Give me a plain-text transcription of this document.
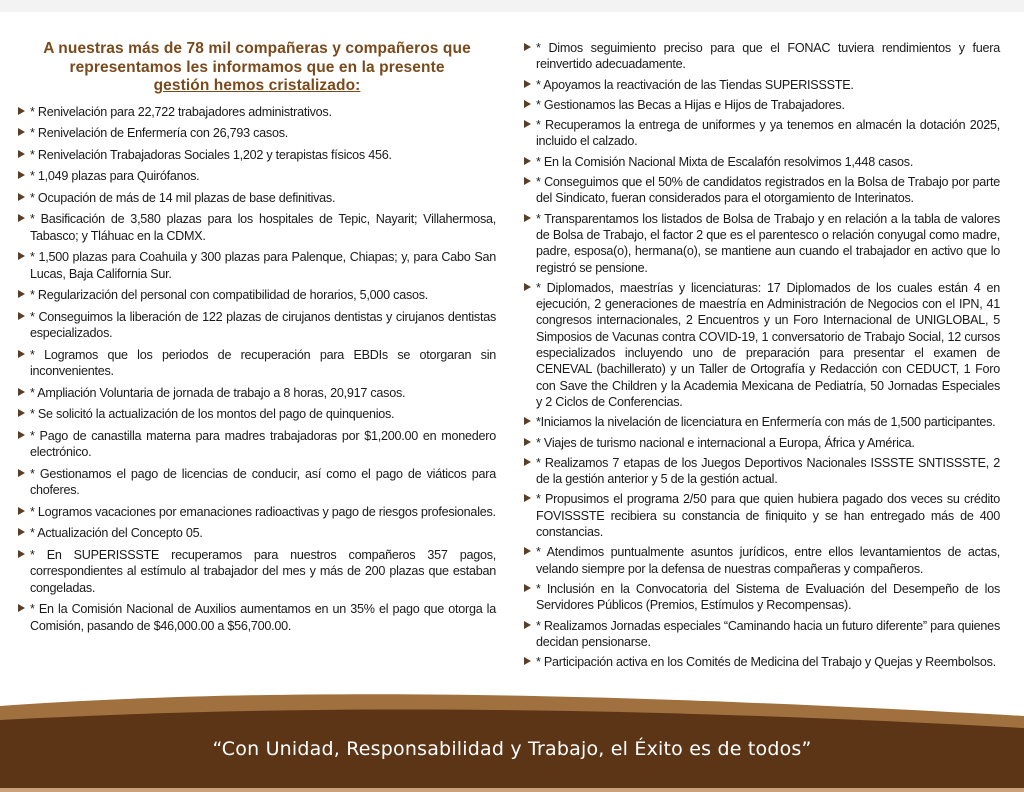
A nuestras más de 78 mil compañeras y compañeros que
representamos les informamos que en la presente
gestión hemos cristalizado:
* Renivelación para 22,722 trabajadores administrativos.
* Renivelación de Enfermería con 26,793 casos.
* Renivelación Trabajadoras Sociales 1,202 y terapistas físicos 456.
* 1,049 plazas para Quirófanos.
* Ocupación de más de 14 mil plazas de base definitivas.
* Basificación de 3,580 plazas para los hospitales de Tepic, Nayarit; Villahermosa, Tabasco; y Tláhuac en la CDMX.
* 1,500 plazas para Coahuila y 300 plazas para Palenque, Chiapas; y, para Cabo San Lucas, Baja California Sur.
* Regularización del personal con compatibilidad de horarios, 5,000 casos.
* Conseguimos la liberación de 122 plazas de cirujanos dentistas y cirujanos dentistas especializados.
* Logramos que los periodos de recuperación para EBDIs se otorgaran sin inconvenientes.
* Ampliación Voluntaria de jornada de trabajo a 8 horas, 20,917 casos.
* Se solicitó la actualización de los montos del pago de quinquenios.
* Pago de canastilla materna para madres trabajadoras por $1,200.00 en monedero electrónico.
* Gestionamos el pago de licencias de conducir, así como el pago de viáticos para choferes.
* Logramos vacaciones por emanaciones radioactivas y pago de riesgos profesionales.
* Actualización del Concepto 05.
* En SUPERISSSTE recuperamos para nuestros compañeros 357 pagos, correspondientes al estímulo al trabajador del mes y más de 200 plazas que estaban congeladas.
* En la Comisión Nacional de Auxilios aumentamos en un 35% el pago que otorga la Comisión, pasando de $46,000.00 a $56,700.00.
* Dimos seguimiento preciso para que el FONAC tuviera rendimientos y fuera reinvertido adecuadamente.
* Apoyamos la reactivación de las Tiendas SUPERISSSTE.
* Gestionamos las Becas a Hijas e Hijos de Trabajadores.
* Recuperamos la entrega de uniformes y ya tenemos en almacén la dotación 2025, incluido el calzado.
* En la Comisión Nacional Mixta de Escalafón resolvimos 1,448 casos.
* Conseguimos que el 50% de candidatos registrados en la Bolsa de Trabajo por parte del Sindicato, fueran considerados para el otorgamiento de Interinatos.
* Transparentamos los listados de Bolsa de Trabajo y en relación a la tabla de valores de Bolsa de Trabajo, el factor 2 que es el parentesco o relación conyugal como madre, padre, esposa(o), hermana(o), se mantiene aun cuando el trabajador en activo que lo registró se pensione.
* Diplomados, maestrías y licenciaturas: 17 Diplomados de los cuales están 4 en ejecución, 2 generaciones de maestría en Administración de Negocios con el IPN, 41 congresos internacionales, 2 Encuentros y un Foro Internacional de UNIGLOBAL, 5 Simposios de Vacunas contra COVID-19, 1 conversatorio de Trabajo Social, 12 cursos especializados incluyendo uno de preparación para presentar el examen de CENEVAL (bachillerato) y un Taller de Ortografía y Redacción con CEDUCT, 1 Foro con Save the Children y la Academia Mexicana de Pediatría, 50 Jornadas Especiales y 2 Ciclos de Conferencias.
*Iniciamos la nivelación de licenciatura en Enfermería con más de 1,500 participantes.
* Viajes de turismo nacional e internacional a Europa, África y América.
* Realizamos 7 etapas de los Juegos Deportivos Nacionales ISSSTE SNTISSSTE, 2 de la gestión anterior y 5 de la gestión actual.
* Propusimos el programa 2/50 para que quien hubiera pagado dos veces su crédito FOVISSSTE recibiera su constancia de finiquito y se han entregado más de 400 constancias.
* Atendimos puntualmente asuntos jurídicos, entre ellos levantamientos de actas, velando siempre por la defensa de nuestras compañeras y compañeros.
* Inclusión en la Convocatoria del Sistema de Evaluación del Desempeño de los Servidores Públicos (Premios, Estímulos y Recompensas).
* Realizamos Jornadas especiales “Caminando hacia un futuro diferente” para quienes decidan pensionarse.
* Participación activa en los Comités de Medicina del Trabajo y Quejas y Reembolsos.
“Con Unidad, Responsabilidad y Trabajo, el Éxito es de todos”
